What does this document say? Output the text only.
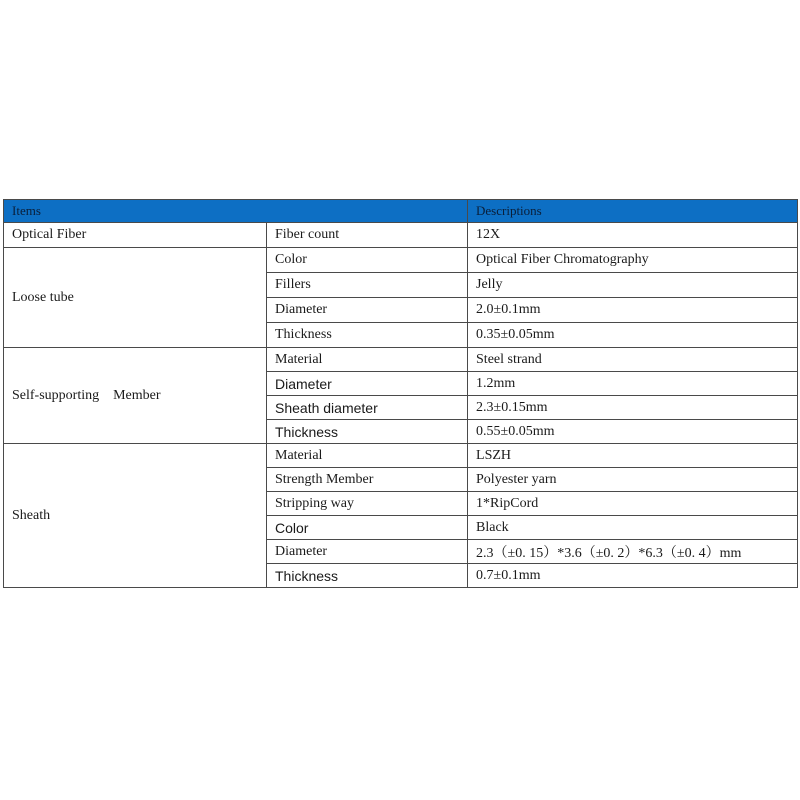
Items		Descriptions
Optical Fiber	Fiber count	12X
Loose tube	Color	Optical Fiber Chromatography
	Fillers	Jelly
	Diameter	2.0±0.1mm
	Thickness	0.35±0.05mm
Self-supporting    Member	Material	Steel strand
	Diameter	1.2mm
	Sheath diameter	2.3±0.15mm
	Thickness	0.55±0.05mm
Sheath	Material	LSZH
	Strength Member	Polyester yarn
	Stripping way	1*RipCord
	Color	Black
	Diameter	2.3（±0. 15）*3.6（±0. 2）*6.3（±0. 4）mm
	Thickness	0.7±0.1mm
